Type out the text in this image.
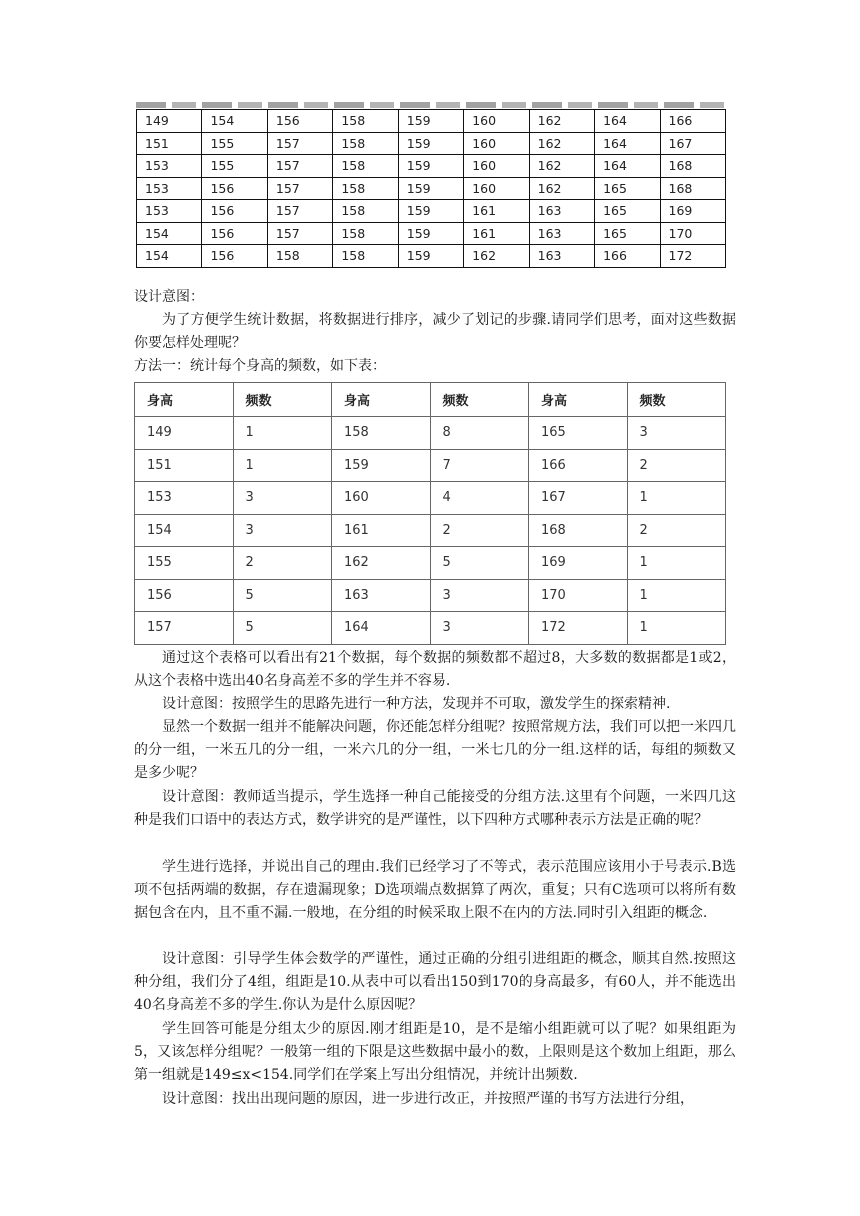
149	154	156	158	159	160	162	164	166
151	155	157	158	159	160	162	164	167
153	155	157	158	159	160	162	164	168
153	156	157	158	159	160	162	165	168
153	156	157	158	159	161	163	165	169
154	156	157	158	159	161	163	165	170
154	156	158	158	159	162	163	166	172

设计意图：

为了方便学生统计数据，将数据进行排序，减少了划记的步骤.请同学们思考，面对这些数据你要怎样处理呢？

方法一：统计每个身高的频数，如下表：

身高	频数	身高	频数	身高	频数
149	1	158	8	165	3
151	1	159	7	166	2
153	3	160	4	167	1
154	3	161	2	168	2
155	2	162	5	169	1
156	5	163	3	170	1
157	5	164	3	172	1

通过这个表格可以看出有21个数据，每个数据的频数都不超过8，大多数的数据都是1或2，从这个表格中选出40名身高差不多的学生并不容易.

设计意图：按照学生的思路先进行一种方法，发现并不可取，激发学生的探索精神.

显然一个数据一组并不能解决问题，你还能怎样分组呢？按照常规方法，我们可以把一米四几的分一组，一米五几的分一组，一米六几的分一组，一米七几的分一组.这样的话，每组的频数又是多少呢？

设计意图：教师适当提示，学生选择一种自己能接受的分组方法.这里有个问题，一米四几这种是我们口语中的表达方式，数学讲究的是严谨性，以下四种方式哪种表示方法是正确的呢？

学生进行选择，并说出自己的理由.我们已经学习了不等式，表示范围应该用小于号表示.B选项不包括两端的数据，存在遗漏现象；D选项端点数据算了两次，重复；只有C选项可以将所有数据包含在内，且不重不漏.一般地，在分组的时候采取上限不在内的方法.同时引入组距的概念.

设计意图：引导学生体会数学的严谨性，通过正确的分组引进组距的概念，顺其自然.按照这种分组，我们分了4组，组距是10.从表中可以看出150到170的身高最多，有60人，并不能选出40名身高差不多的学生.你认为是什么原因呢？

学生回答可能是分组太少的原因.刚才组距是10，是不是缩小组距就可以了呢？如果组距为5，又该怎样分组呢？一般第一组的下限是这些数据中最小的数，上限则是这个数加上组距，那么第一组就是149≤x<154.同学们在学案上写出分组情况，并统计出频数.

设计意图：找出出现问题的原因，进一步进行改正，并按照严谨的书写方法进行分组，
